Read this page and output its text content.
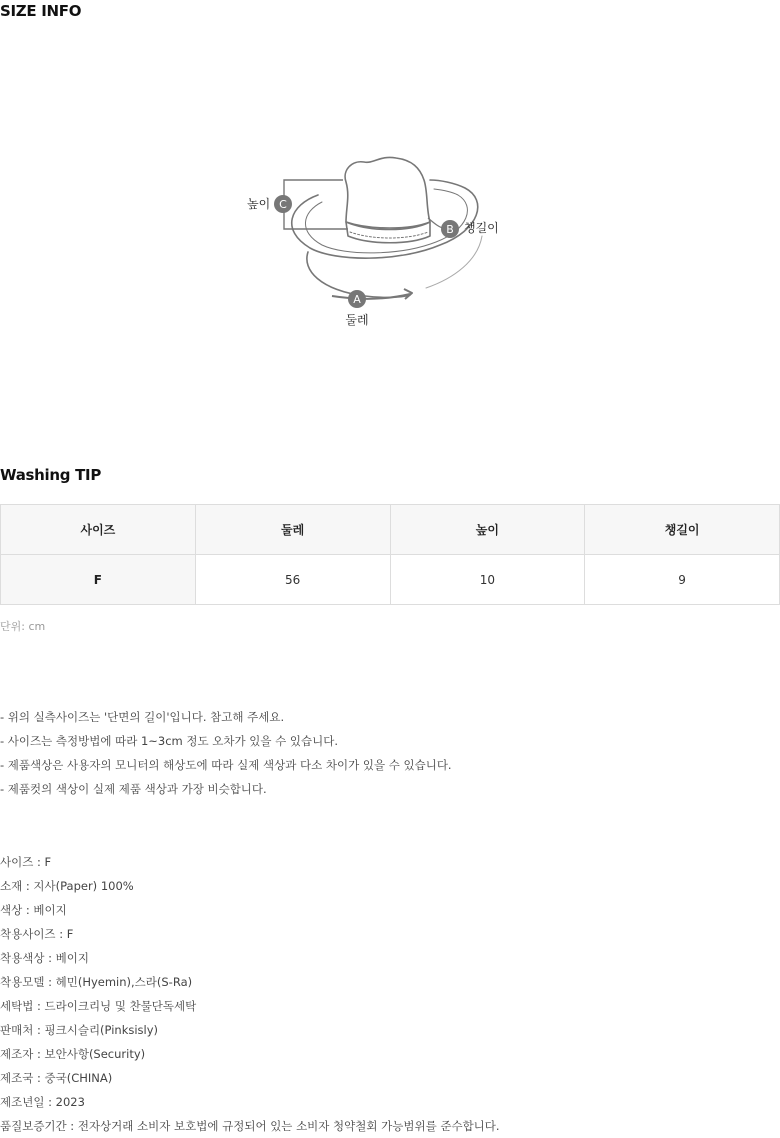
SIZE INFO
높이 C
B 챙길이
A
둘레
Washing TIP
사이즈	둘레	높이	챙길이
F	56	10	9
단위: cm
- 위의 실측사이즈는 '단면의 길이'입니다. 참고해 주세요.
- 사이즈는 측정방법에 따라 1~3cm 정도 오차가 있을 수 있습니다.
- 제품색상은 사용자의 모니터의 해상도에 따라 실제 색상과 다소 차이가 있을 수 있습니다.
- 제품컷의 색상이 실제 제품 색상과 가장 비슷합니다.
사이즈 : F
소재 : 지사(Paper) 100%
색상 : 베이지
착용사이즈 : F
착용색상 : 베이지
착용모델 : 헤민(Hyemin),스라(S-Ra)
세탁법 : 드라이크리닝 및 찬물단독세탁
판매처 : 핑크시슬리(Pinksisly)
제조자 : 보안사항(Security)
제조국 : 중국(CHINA)
제조년일 : 2023
품질보증기간 : 전자상거래 소비자 보호법에 규정되어 있는 소비자 청약철회 가능범위를 준수합니다.
